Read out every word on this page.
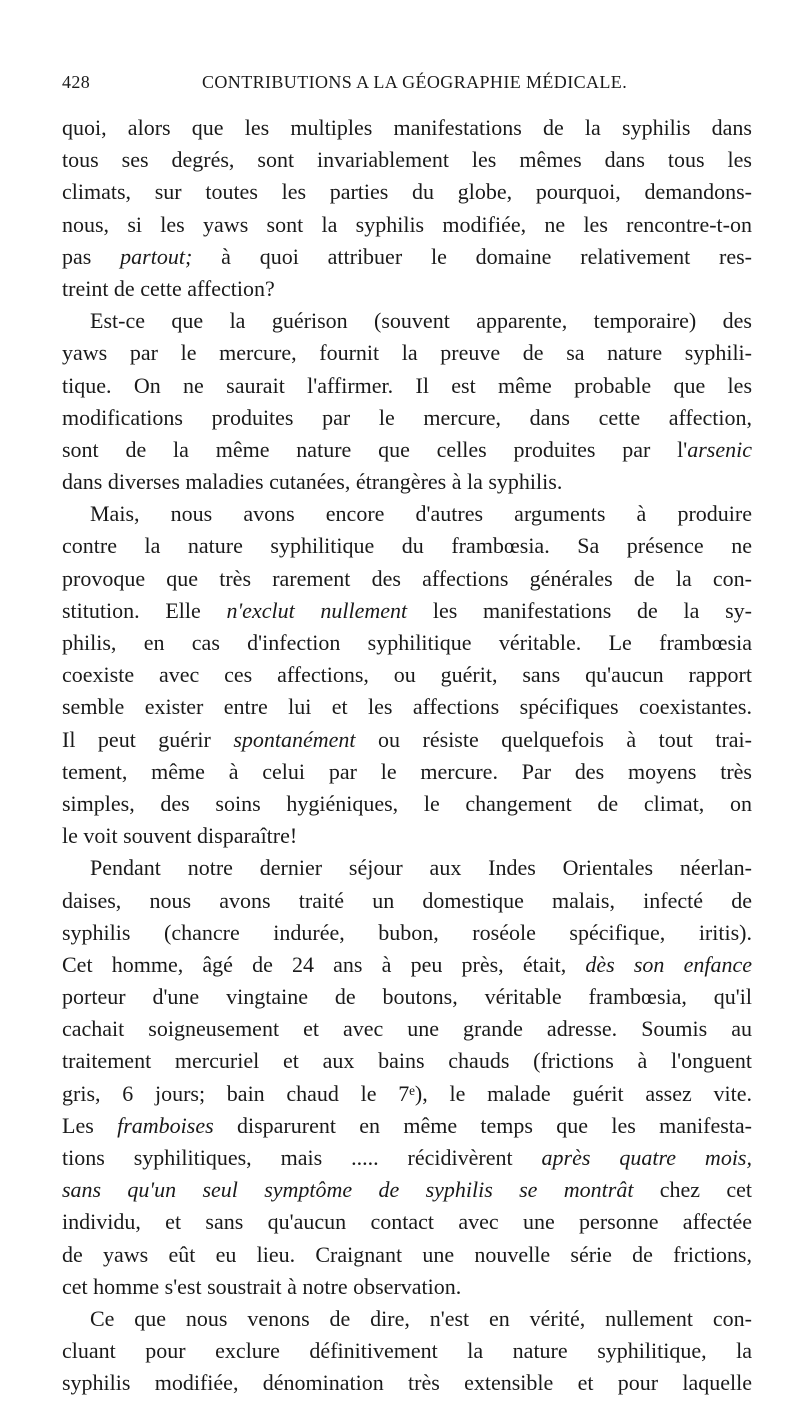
428	CONTRIBUTIONS A LA GÉOGRAPHIE MÉDICALE.
quoi, alors que les multiples manifestations de la syphilis dans
tous ses degrés, sont invariablement les mêmes dans tous les
climats, sur toutes les parties du globe, pourquoi, demandons-
nous, si les yaws sont la syphilis modifiée, ne les rencontre-t-on
pas partout; à quoi attribuer le domaine relativement res-
treint de cette affection?
Est-ce que la guérison (souvent apparente, temporaire) des
yaws par le mercure, fournit la preuve de sa nature syphili-
tique. On ne saurait l'affirmer. Il est même probable que les
modifications produites par le mercure, dans cette affection,
sont de la même nature que celles produites par l'arsenic
dans diverses maladies cutanées, étrangères à la syphilis.
Mais, nous avons encore d'autres arguments à produire
contre la nature syphilitique du frambœsia. Sa présence ne
provoque que très rarement des affections générales de la con-
stitution. Elle n'exclut nullement les manifestations de la sy-
philis, en cas d'infection syphilitique véritable. Le frambœsia
coexiste avec ces affections, ou guérit, sans qu'aucun rapport
semble exister entre lui et les affections spécifiques coexistantes.
Il peut guérir spontanément ou résiste quelquefois à tout trai-
tement, même à celui par le mercure. Par des moyens très
simples, des soins hygiéniques, le changement de climat, on
le voit souvent disparaître!
Pendant notre dernier séjour aux Indes Orientales néerlan-
daises, nous avons traité un domestique malais, infecté de
syphilis (chancre indurée, bubon, roséole spécifique, iritis).
Cet homme, âgé de 24 ans à peu près, était, dès son enfance
porteur d'une vingtaine de boutons, véritable frambœsia, qu'il
cachait soigneusement et avec une grande adresse. Soumis au
traitement mercuriel et aux bains chauds (frictions à l'onguent
gris, 6 jours; bain chaud le 7ᵉ), le malade guérit assez vite.
Les framboises disparurent en même temps que les manifesta-
tions syphilitiques, mais ..... récidivèrent après quatre mois,
sans qu'un seul symptôme de syphilis se montrât chez cet
individu, et sans qu'aucun contact avec une personne affectée
de yaws eût eu lieu. Craignant une nouvelle série de frictions,
cet homme s'est soustrait à notre observation.
Ce que nous venons de dire, n'est en vérité, nullement con-
cluant pour exclure définitivement la nature syphilitique, la
syphilis modifiée, dénomination très extensible et pour laquelle
